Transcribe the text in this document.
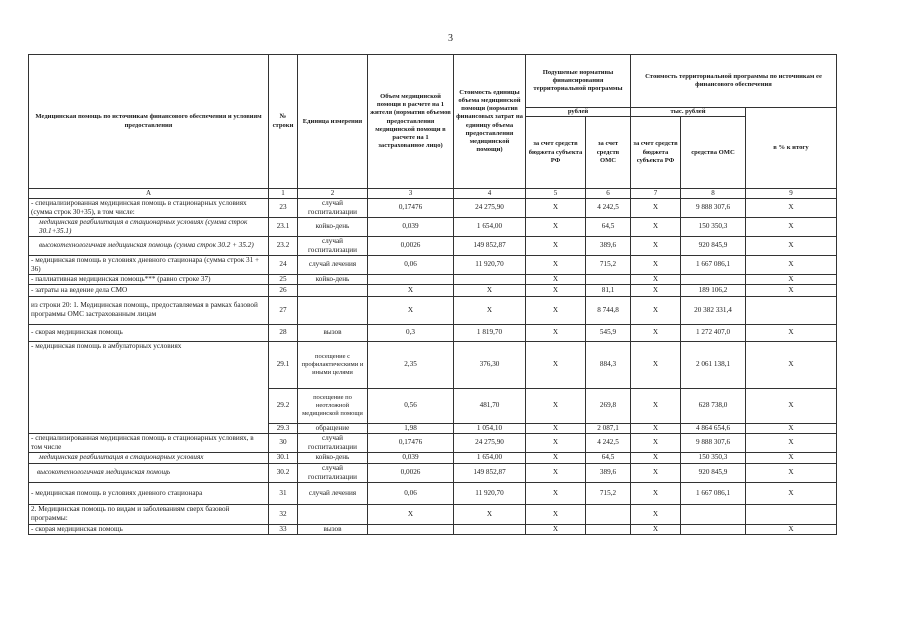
3
Медицинская помощь по источникам финансового обеспечения и условиям предоставления	№ строки	Единица измерения	Объем медицинской помощи в расчете на 1 жителя (норматив объемов предоставления медицинской помощи в расчете на 1 застрахованное лицо)	Стоимость единицы объема медицинской помощи (норматив финансовых затрат на единицу объема предоставления медицинской помощи)	Подушевые нормативы финансирования территориальной программы		Стоимость территориальной программы по источникам ее финансового обеспечения		
					рублей		тыс. рублей		в % к итогу
					за счет средств бюджета субъекта РФ	за счет средств ОМС	за счет средств бюджета субъекта РФ	средства ОМС	
А	1	2	3	4	5	6	7	8	9
- специализированная медицинская помощь в стационарных условиях (сумма строк 30+35), в том числе:	23	случай госпитализации	0,17476	24 275,90	X	4 242,5	X	9 888 307,6	X
медицинская реабилитация в стационарных условиях (сумма строк 30.1+35.1)	23.1	койко-день	0,039	1 654,00	X	64,5	X	150 350,3	X
высокотехнологичная медицинская помощь (сумма строк 30.2 + 35.2)	23.2	случай госпитализации	0,0026	149 852,87	X	389,6	X	920 845,9	X
- медицинская помощь в условиях дневного стационара (сумма строк 31 + 36)	24	случай лечения	0,06	11 920,70	X	715,2	X	1 667 086,1	X
- паллиативная медицинская помощь*** (равно строке 37)	25	койко-день			X		X		X
- затраты на ведение дела СМО	26		X	X	X	81,1	X	189 106,2	X
из строки 20: 1. Медицинская помощь, предоставляемая в рамках базовой программы ОМС застрахованным лицам	27		X	X	X	8 744,8	X	20 382 331,4	
- скорая медицинская помощь	28	вызов	0,3	1 819,70	X	545,9	X	1 272 407,0	X
- медицинская помощь в амбулаторных условиях	29.1	посещение с профилактическими и иными целями	2,35	376,30	X	884,3	X	2 061 138,1	X
	29.2	посещение по неотложной медицинской помощи	0,56	481,70	X	269,8	X	628 738,0	X
	29.3	обращение	1,98	1 054,10	X	2 087,1	X	4 864 654,6	X
- специализированная медицинская помощь в стационарных условиях, в том числе	30	случай госпитализации	0,17476	24 275,90	X	4 242,5	X	9 888 307,6	X
медицинская реабилитация в стационарных условиях	30.1	койко-день	0,039	1 654,00	X	64,5	X	150 350,3	X
высокотехнологичная медицинская помощь	30.2	случай госпитализации	0,0026	149 852,87	X	389,6	X	920 845,9	X
- медицинская помощь в условиях дневного стационара	31	случай лечения	0,06	11 920,70	X	715,2	X	1 667 086,1	X
2. Медицинская помощь по видам и заболеваниям сверх базовой программы:	32		X	X	X		X		
- скорая медицинская помощь	33	вызов			X		X		X
